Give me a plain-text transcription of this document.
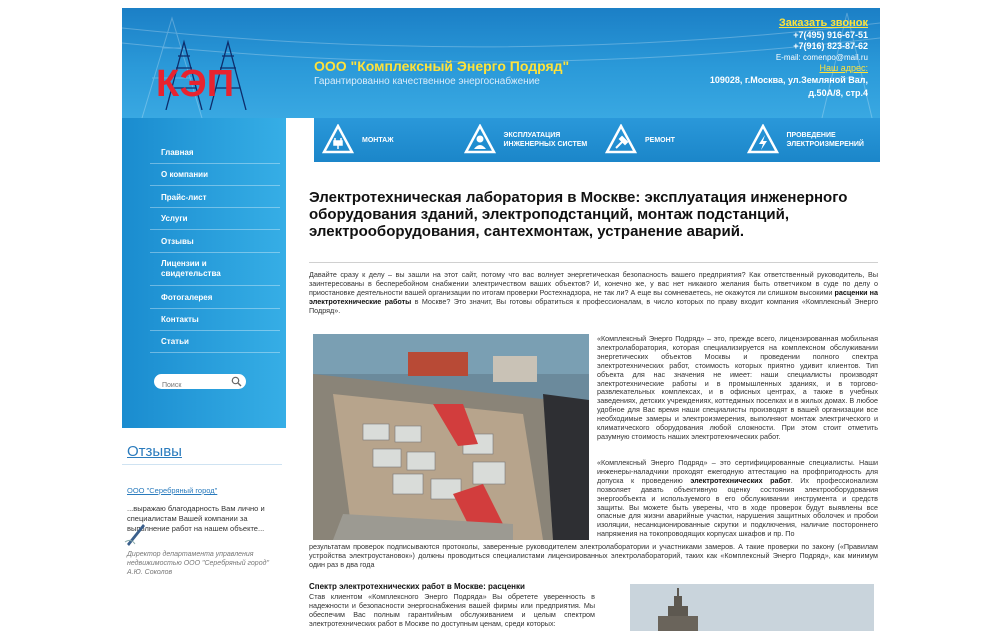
КЭП	ООО "Комплексный Энерго Подряд"
Гарантированно качественное энергоснабжение
Заказать звонок
+7(495) 916-67-51
+7(916) 823-87-62
E-mail: comenpo@mail.ru
Наш адрес:
109028, г.Москва, ул.Земляной Вал,
д.50А/8, стр.4
МОНТАЖ
ЭКСПЛУАТАЦИЯ ИНЖЕНЕРНЫХ СИСТЕМ
РЕМОНТ
ПРОВЕДЕНИЕ ЭЛЕКТРОИЗМЕРЕНИЙ
Главная
О компании
Прайс-лист
Услуги
Отзывы
Лицензии и свидетельства
Фотогалерея
Контакты
Статьи
Поиск
Отзывы
ООО "Серебряный город"
...выражаю благодарность Вам лично и специалистам Вашей компании за выполнение работ на нашем объекте...
Директор департамента управления недвижимостью ООО "Серебряный город" А.Ю. Соколов
Электротехническая лаборатория в Москве: эксплуатация инженерного оборудования зданий, электроподстанций, монтаж подстанций, электрооборудования, сантехмонтаж, устранение аварий.
Давайте сразу к делу – вы зашли на этот сайт, потому что вас волнует энергетическая безопасность вашего предприятия? Как ответственный руководитель, Вы заинтересованы в бесперебойном снабжении электричеством ваших объектов? И, конечно же, у вас нет никакого желания быть ответчиком в суде по делу о приостановке деятельности вашей организации по итогам проверки Ростехнадзора, не так ли? А еще вы сомневаетесь, не окажутся ли слишком высокими расценки на электротехнические работы в Москве? Это значит, Вы готовы обратиться к профессионалам, в число которых по праву входит компания «Комплексный Энерго Подряд».
«Комплексный Энерго Подряд» – это, прежде всего, лицензированная мобильная электролаборатория, которая специализируется на комплексном обслуживании энергетических объектов Москвы и проведении полного спектра электротехнических работ, стоимость которых приятно удивит клиентов. Тип объекта для нас значения не имеет: наши специалисты производят электротехнические работы и в промышленных зданиях, и в торгово-развлекательных комплексах, и в офисных центрах, а также в учебных заведениях, детских учреждениях, коттеджных поселках и в жилых домах. В любое удобное для Вас время наши специалисты производят в вашей организации все необходимые замеры и электроизмерения, выполняют монтаж электрического и климатического оборудования любой сложности. При этом стоит отметить разумную стоимость наших электротехнических работ.
«Комплексный Энерго Подряд» – это сертифицированные специалисты. Наши инженеры-наладчики проходят ежегодную аттестацию на профпригодность для допуска к проведению электротехнических работ. Их профессионализм позволяет давать объективную оценку состояния электрооборудования энергообъекта и используемого в его обслуживании инструмента и средств защиты. Вы можете быть уверены, что в ходе проверок будут выявлены все опасные для жизни аварийные участки, нарушения защитных оболочек и пробои изоляции, несанкционированные скрутки и подключения, наличие постороннего напряжения на токопроводящих корпусах шкафов и пр. По
результатам проверок подписываются протоколы, заверенные руководителем электролаборатории и участниками замеров. А такие проверки по закону («Правилам устройства электроустановок») должны проводиться специалистами лицензированных электролабораторий, таких как «Комплексный Энерго Подряд», как минимум один раз в два года
Спектр электротехнических работ в Москве: расценки
Став клиентом «Комплексного Энерго Подряда» Вы обретете уверенность в надежности и безопасности энергоснабжения вашей фирмы или предприятия. Мы обеспечим Вас полным гарантийным обслуживанием и целым спектром электротехнических работ в Москве по доступным ценам, среди которых:
